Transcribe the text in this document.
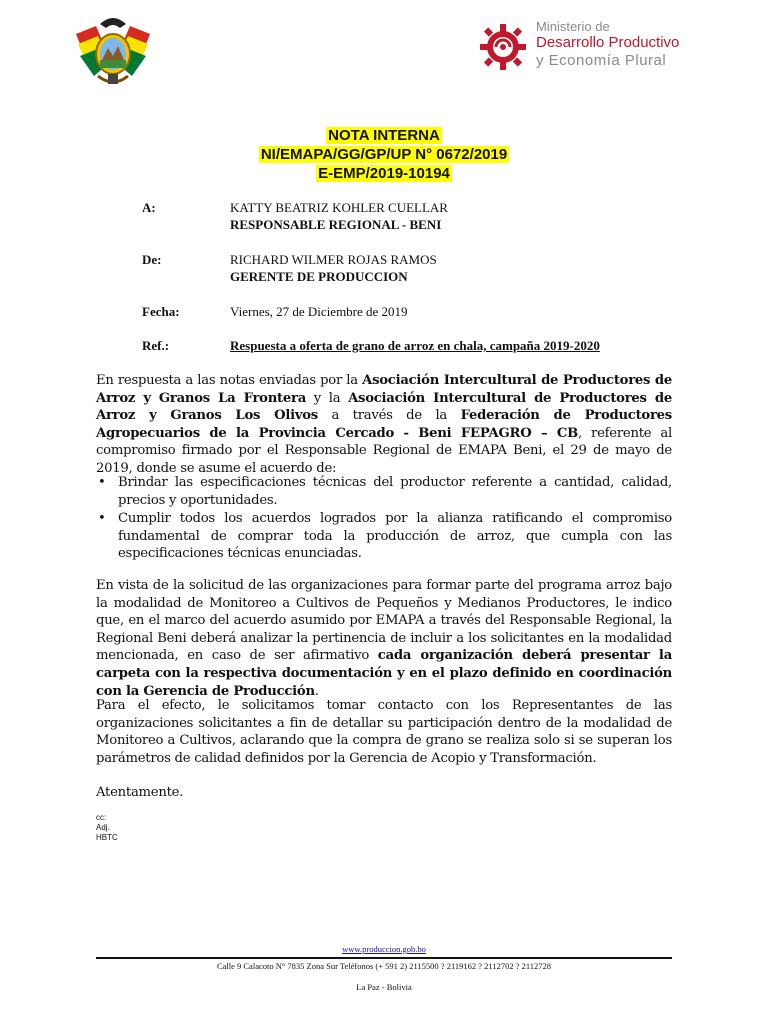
Ministerio de
Desarrollo Productivo
y Economía Plural
NOTA INTERNA
NI/EMAPA/GG/GP/UP N° 0672/2019
E-EMP/2019-10194
A:	KATTY BEATRIZ KOHLER CUELLAR
RESPONSABLE REGIONAL - BENI
De:	RICHARD WILMER ROJAS RAMOS
GERENTE DE PRODUCCION
Fecha:	Viernes, 27 de Diciembre de 2019
Ref.:	Respuesta a oferta de grano de arroz en chala, campaña 2019-2020
En respuesta a las notas enviadas por la Asociación Intercultural de Productores de Arroz y Granos La Frontera y la Asociación Intercultural de Productores de Arroz y Granos Los Olivos a través de la Federación de Productores Agropecuarios de la Provincia Cercado - Beni FEPAGRO – CB, referente al compromiso firmado por el Responsable Regional de EMAPA Beni, el 29 de mayo de 2019, donde se asume el acuerdo de:
• Brindar las especificaciones técnicas del productor referente a cantidad, calidad, precios y oportunidades.
• Cumplir todos los acuerdos logrados por la alianza ratificando el compromiso fundamental de comprar toda la producción de arroz, que cumpla con las especificaciones técnicas enunciadas.
En vista de la solicitud de las organizaciones para formar parte del programa arroz bajo la modalidad de Monitoreo a Cultivos de Pequeños y Medianos Productores, le indico que, en el marco del acuerdo asumido por EMAPA a través del Responsable Regional, la Regional Beni deberá analizar la pertinencia de incluir a los solicitantes en la modalidad mencionada, en caso de ser afirmativo cada organización deberá presentar la carpeta con la respectiva documentación y en el plazo definido en coordinación con la Gerencia de Producción.
Para el efecto, le solicitamos tomar contacto con los Representantes de las organizaciones solicitantes a fin de detallar su participación dentro de la modalidad de Monitoreo a Cultivos, aclarando que la compra de grano se realiza solo si se superan los parámetros de calidad definidos por la Gerencia de Acopio y Transformación.
Atentamente.
cc:
Adj.
HBTC
www.produccion.gob.bo
Calle 9 Calacoto N° 7835 Zona Sur Teléfonos (+ 591 2) 2115500 ? 2119162 ? 2112702 ? 2112728
La Paz - Bolivia
